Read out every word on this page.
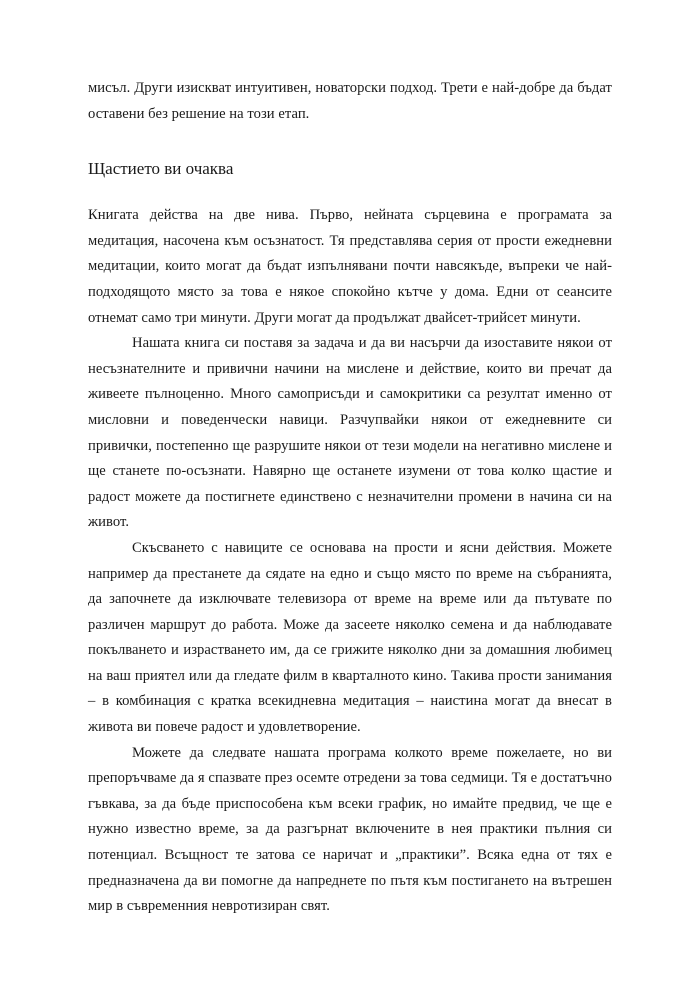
мисъл. Други изискват интуитивен, новаторски подход. Трети е най-добре да бъдат оставени без решение на този етап.

Щастието ви очаква

Книгата действа на две нива. Първо, нейната сърцевина е програмата за медитация, насочена към осъзнатост. Тя представлява серия от прости ежедневни медитации, които могат да бъдат изпълнявани почти навсякъде, въпреки че най-подходящото място за това е някое спокойно кътче у дома. Едни от сеансите отнемат само три минути. Други могат да продължат двайсет-трийсет минути.

Нашата книга си поставя за задача и да ви насърчи да изоставите някои от несъзнателните и привични начини на мислене и действие, които ви пречат да живеете пълноценно. Много самоприсъди и самокритики са резултат именно от мисловни и поведенчески навици. Разчупвайки някои от ежедневните си привички, постепенно ще разрушите някои от тези модели на негативно мислене и ще станете по-осъзнати. Навярно ще останете изумени от това колко щастие и радост можете да постигнете единствено с незначителни промени в начина си на живот.

Скъсването с навиците се основава на прости и ясни действия. Можете например да престанете да сядате на едно и също място по време на събранията, да започнете да изключвате телевизора от време на време или да пътувате по различен маршрут до работа. Може да засеете няколко семена и да наблюдавате покълването и израстването им, да се грижите няколко дни за домашния любимец на ваш приятел или да гледате филм в кварталното кино. Такива прости занимания – в комбинация с кратка всекидневна медитация – наистина могат да внесат в живота ви повече радост и удовлетворение.

Можете да следвате нашата програма колкото време пожелаете, но ви препоръчваме да я спазвате през осемте отредени за това седмици. Тя е достатъчно гъвкава, за да бъде приспособена към всеки график, но имайте предвид, че ще е нужно известно време, за да разгърнат включените в нея практики пълния си потенциал. Всъщност те затова се наричат и „практики”. Всяка една от тях е предназначена да ви помогне да напреднете по пътя към постигането на вътрешен мир в съвременния невротизиран свят.
